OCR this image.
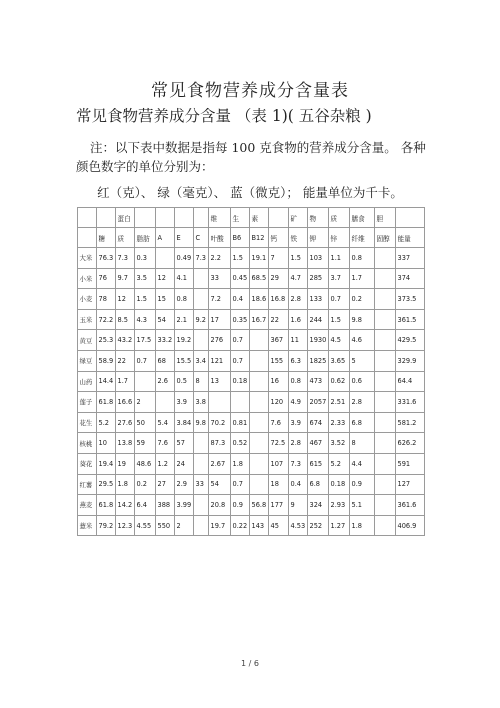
常见食物营养成分含量表
常见食物营养成分含量 （表 1)( 五谷杂粮 )
注：以下表中数据是指每 100 克食物的营养成分含量。 各种颜色数字的单位分别为：
红（克）、 绿（毫克）、 蓝（微克）； 能量单位为千卡。
		蛋白					维	生	素		矿	物	质	膳食	胆	
	糖	质	脂肪	A	E	C	叶酸	B6	B12	钙	铁	钾	锌	纤维	固醇	能量
大米	76.3	7.3	0.3		0.49	7.3	2.2	1.5	19.1	7	1.5	103	1.1	0.8		337
小米	76	9.7	3.5	12	4.1		33	0.45	68.5	29	4.7	285	3.7	1.7		374
小麦	78	12	1.5	15	0.8		7.2	0.4	18.6	16.8	2.8	133	0.7	0.2		373.5
玉米	72.2	8.5	4.3	54	2.1	9.2	17	0.35	16.7	22	1.6	244	1.5	9.8		361.5
黄豆	25.3	43.2	17.5	33.2	19.2		276	0.7		367	11	1930	4.5	4.6		429.5
绿豆	58.9	22	0.7	68	15.5	3.4	121	0.7		155	6.3	1825	3.65	5		329.9
山药	14.4	1.7		2.6	0.5	8	13	0.18		16	0.8	473	0.62	0.6		64.4
莲子	61.8	16.6	2		3.9	3.8				120	4.9	2057	2.51	2.8		331.6
花生	5.2	27.6	50	5.4	3.84	9.8	70.2	0.81		7.6	3.9	674	2.33	6.8		581.2
核桃	10	13.8	59	7.6	57		87.3	0.52		72.5	2.8	467	3.52	8		626.2
葵花	19.4	19	48.6	1.2	24		2.67	1.8		107	7.3	615	5.2	4.4		591
红薯	29.5	1.8	0.2	27	2.9	33	54	0.7		18	0.4	6.8	0.18	0.9		127
燕麦	61.8	14.2	6.4	388	3.99		20.8	0.9	56.8	177	9	324	2.93	5.1		361.6
薏米	79.2	12.3	4.55	550	2		19.7	0.22	143	45	4.53	252	1.27	1.8		406.9
1 / 6
